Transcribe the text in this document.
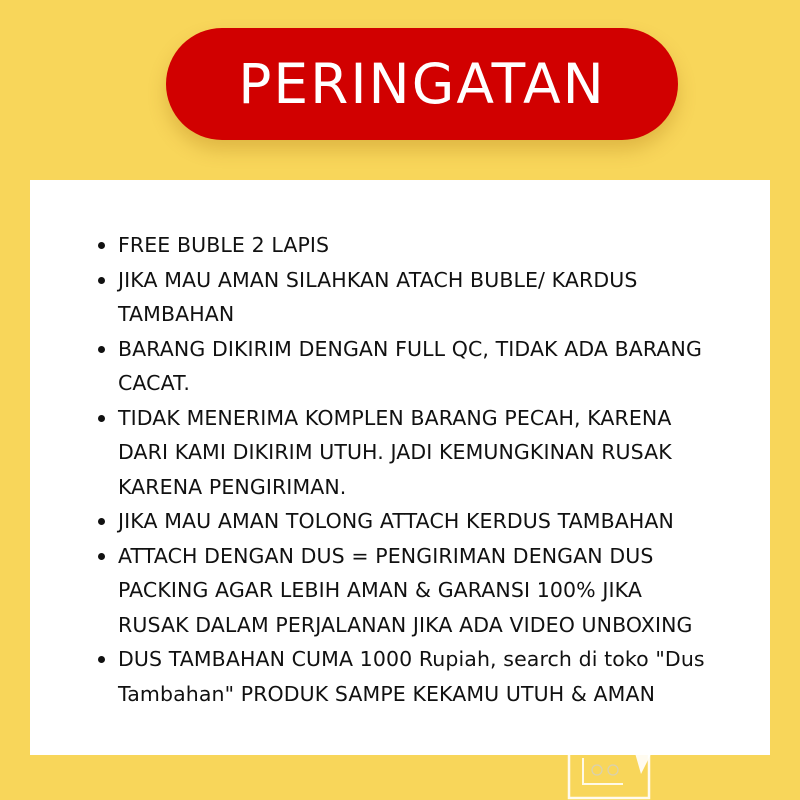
PERINGATAN
FREE BUBLE 2 LAPIS
JIKA MAU AMAN SILAHKAN ATACH BUBLE/ KARDUS
TAMBAHAN
BARANG DIKIRIM DENGAN FULL QC, TIDAK ADA BARANG
CACAT.
TIDAK MENERIMA KOMPLEN BARANG PECAH, KARENA
DARI KAMI DIKIRIM UTUH. JADI KEMUNGKINAN RUSAK
KARENA PENGIRIMAN.
JIKA MAU AMAN TOLONG ATTACH KERDUS TAMBAHAN
ATTACH DENGAN DUS = PENGIRIMAN DENGAN DUS
PACKING AGAR LEBIH AMAN & GARANSI 100% JIKA
RUSAK DALAM PERJALANAN JIKA ADA VIDEO UNBOXING
DUS TAMBAHAN CUMA 1000 Rupiah, search di toko "Dus
Tambahan" PRODUK SAMPE KEKAMU UTUH & AMAN
